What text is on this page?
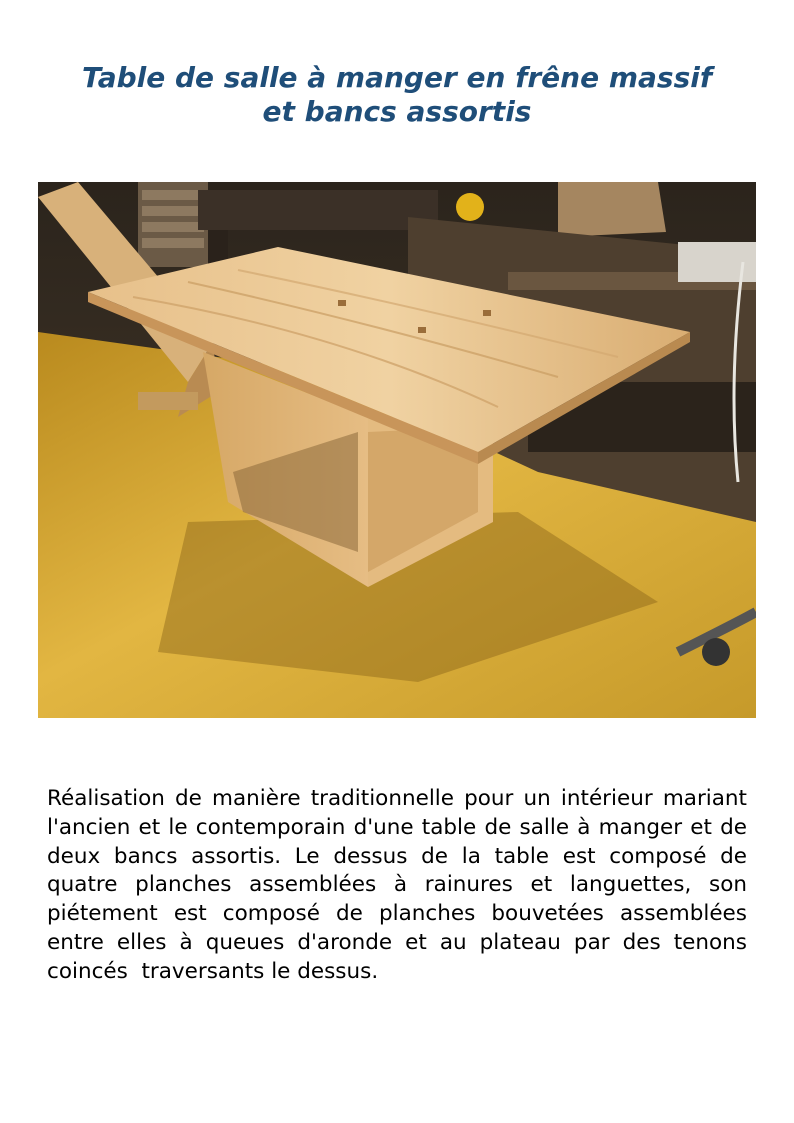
Table de salle à manger en frêne massif
et bancs assortis
Réalisation de manière traditionnelle pour un intérieur mariant l'ancien et le contemporain d'une table de salle à manger et de deux bancs assortis. Le dessus de la table est composé de quatre planches assemblées à rainures et languettes, son piétement est composé de planches bouvetées assemblées  entre elles à queues d'aronde et au plateau par des tenons coincés  traversants le dessus.
